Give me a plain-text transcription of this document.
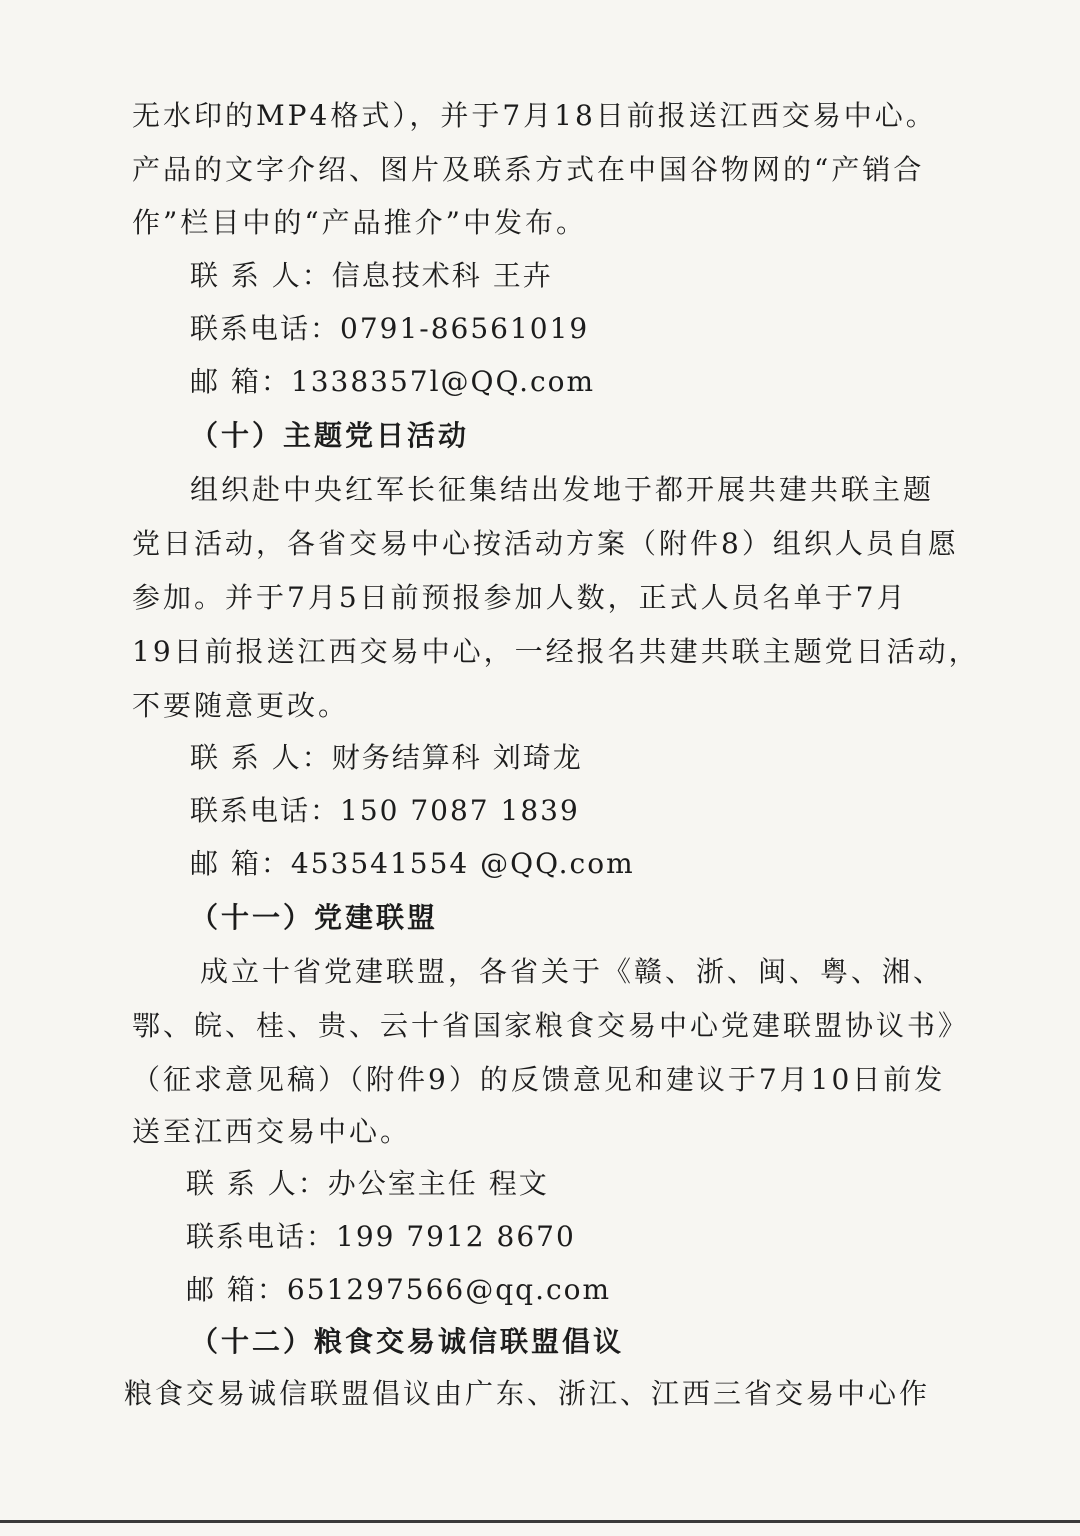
无水印的MP4格式），并于7月18日前报送江西交易中心。
产品的文字介绍、图片及联系方式在中国谷物网的“产销合
作”栏目中的“产品推介”中发布。
联 系 人：信息技术科 王卉
联系电话：0791-86561019
邮 箱：1338357l@QQ.com
（十）主题党日活动
组织赴中央红军长征集结出发地于都开展共建共联主题
党日活动，各省交易中心按活动方案（附件8）组织人员自愿
参加。并于7月5日前预报参加人数，正式人员名单于7月
19日前报送江西交易中心，一经报名共建共联主题党日活动，
不要随意更改。
联 系 人：财务结算科 刘琦龙
联系电话：150 7087 1839
邮 箱：453541554 @QQ.com
（十一）党建联盟
成立十省党建联盟，各省关于《赣、浙、闽、粤、湘、
鄂、皖、桂、贵、云十省国家粮食交易中心党建联盟协议书》
（征求意见稿）（附件9）的反馈意见和建议于7月10日前发
送至江西交易中心。
联 系 人：办公室主任 程文
联系电话：199 7912 8670
邮 箱：651297566@qq.com
（十二）粮食交易诚信联盟倡议
粮食交易诚信联盟倡议由广东、浙江、江西三省交易中心作
